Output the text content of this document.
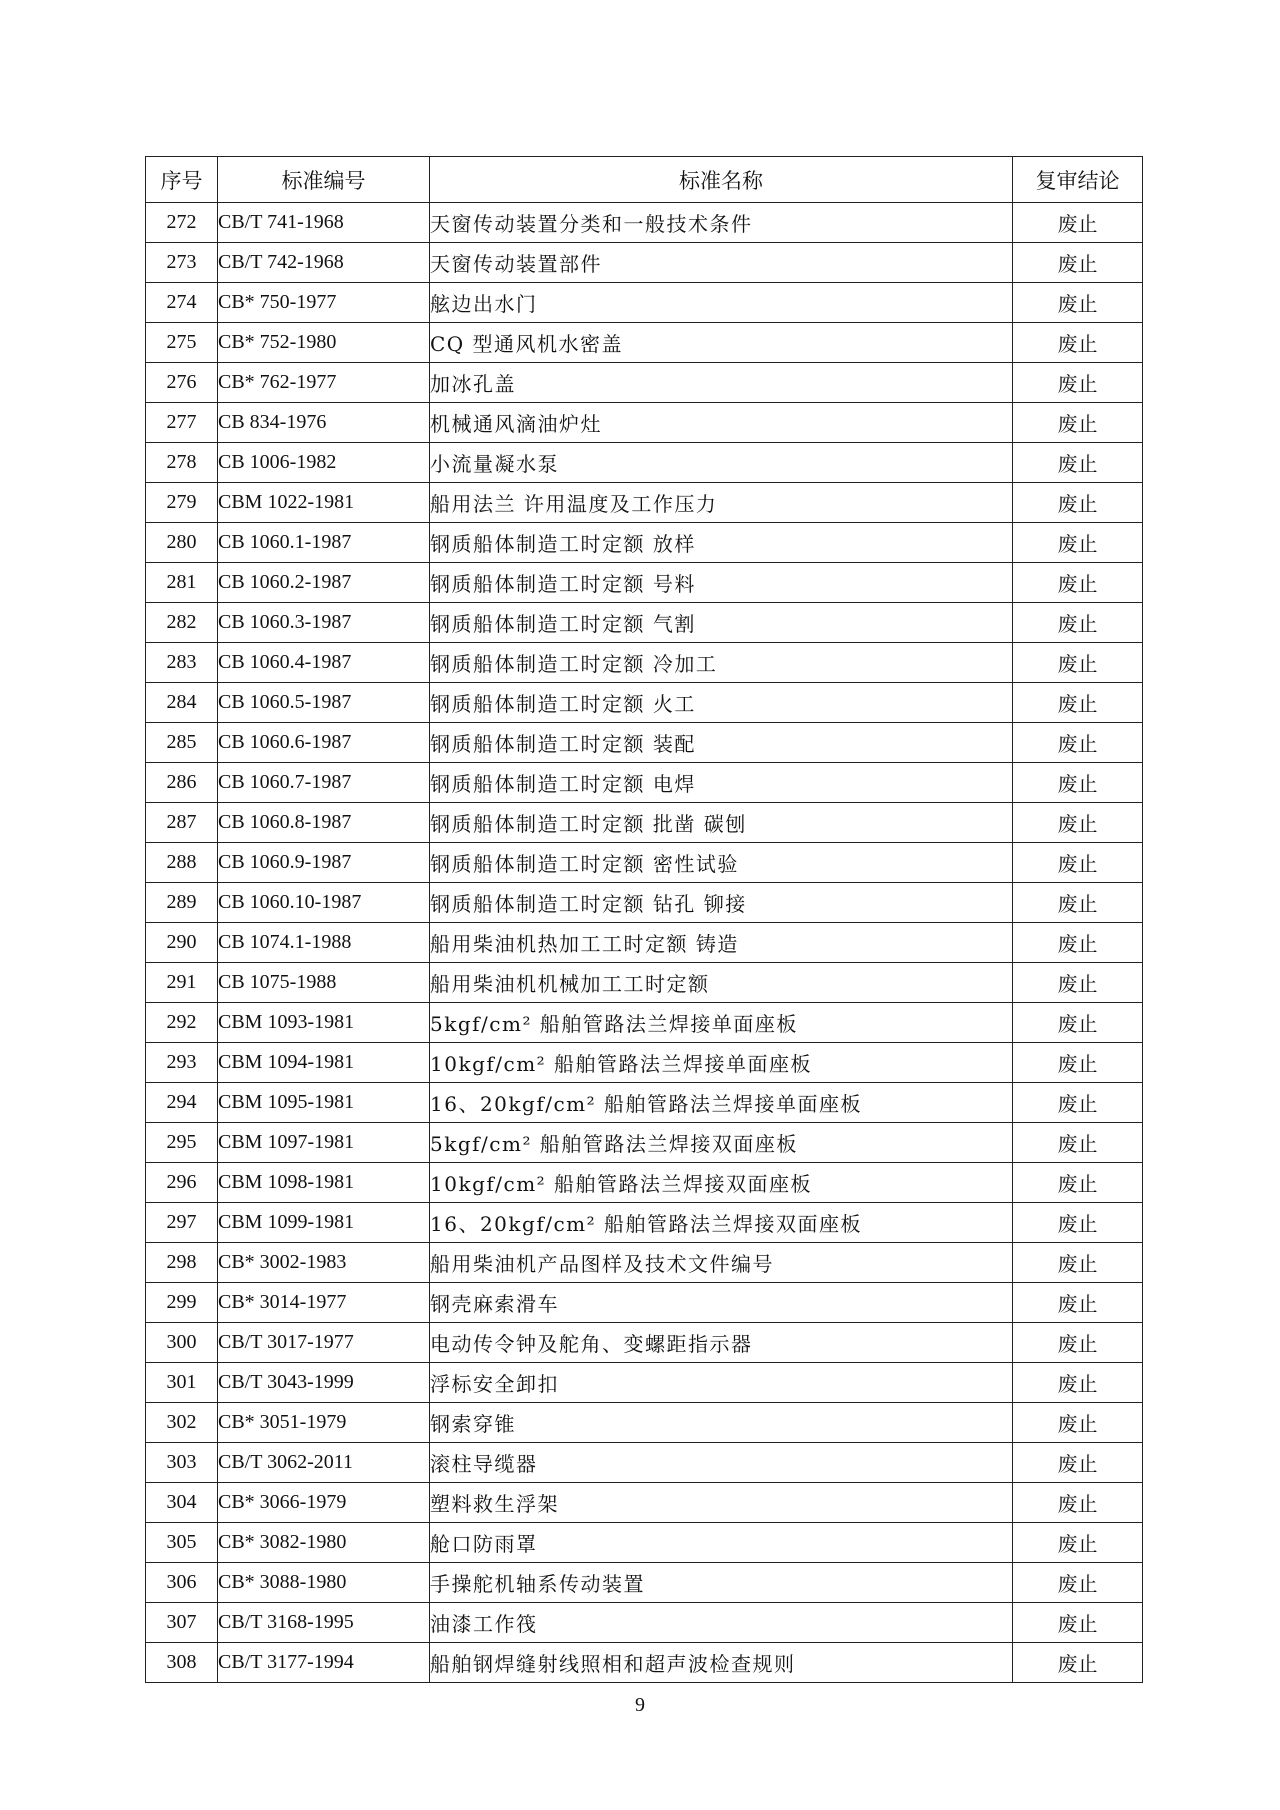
序号	标准编号	标准名称	复审结论
272	CB/T 741-1968	天窗传动装置分类和一般技术条件	废止
273	CB/T 742-1968	天窗传动装置部件	废止
274	CB* 750-1977	舷边出水门	废止
275	CB* 752-1980	CQ 型通风机水密盖	废止
276	CB* 762-1977	加冰孔盖	废止
277	CB 834-1976	机械通风滴油炉灶	废止
278	CB 1006-1982	小流量凝水泵	废止
279	CBM 1022-1981	船用法兰 许用温度及工作压力	废止
280	CB 1060.1-1987	钢质船体制造工时定额 放样	废止
281	CB 1060.2-1987	钢质船体制造工时定额 号料	废止
282	CB 1060.3-1987	钢质船体制造工时定额 气割	废止
283	CB 1060.4-1987	钢质船体制造工时定额 冷加工	废止
284	CB 1060.5-1987	钢质船体制造工时定额 火工	废止
285	CB 1060.6-1987	钢质船体制造工时定额 装配	废止
286	CB 1060.7-1987	钢质船体制造工时定额 电焊	废止
287	CB 1060.8-1987	钢质船体制造工时定额 批凿 碳刨	废止
288	CB 1060.9-1987	钢质船体制造工时定额 密性试验	废止
289	CB 1060.10-1987	钢质船体制造工时定额 钻孔 铆接	废止
290	CB 1074.1-1988	船用柴油机热加工工时定额 铸造	废止
291	CB 1075-1988	船用柴油机机械加工工时定额	废止
292	CBM 1093-1981	5kgf/cm² 船舶管路法兰焊接单面座板	废止
293	CBM 1094-1981	10kgf/cm² 船舶管路法兰焊接单面座板	废止
294	CBM 1095-1981	16、20kgf/cm² 船舶管路法兰焊接单面座板	废止
295	CBM 1097-1981	5kgf/cm² 船舶管路法兰焊接双面座板	废止
296	CBM 1098-1981	10kgf/cm² 船舶管路法兰焊接双面座板	废止
297	CBM 1099-1981	16、20kgf/cm² 船舶管路法兰焊接双面座板	废止
298	CB* 3002-1983	船用柴油机产品图样及技术文件编号	废止
299	CB* 3014-1977	钢壳麻索滑车	废止
300	CB/T 3017-1977	电动传令钟及舵角、变螺距指示器	废止
301	CB/T 3043-1999	浮标安全卸扣	废止
302	CB* 3051-1979	钢索穿锥	废止
303	CB/T 3062-2011	滚柱导缆器	废止
304	CB* 3066-1979	塑料救生浮架	废止
305	CB* 3082-1980	舱口防雨罩	废止
306	CB* 3088-1980	手操舵机轴系传动装置	废止
307	CB/T 3168-1995	油漆工作筏	废止
308	CB/T 3177-1994	船舶钢焊缝射线照相和超声波检查规则	废止
9
